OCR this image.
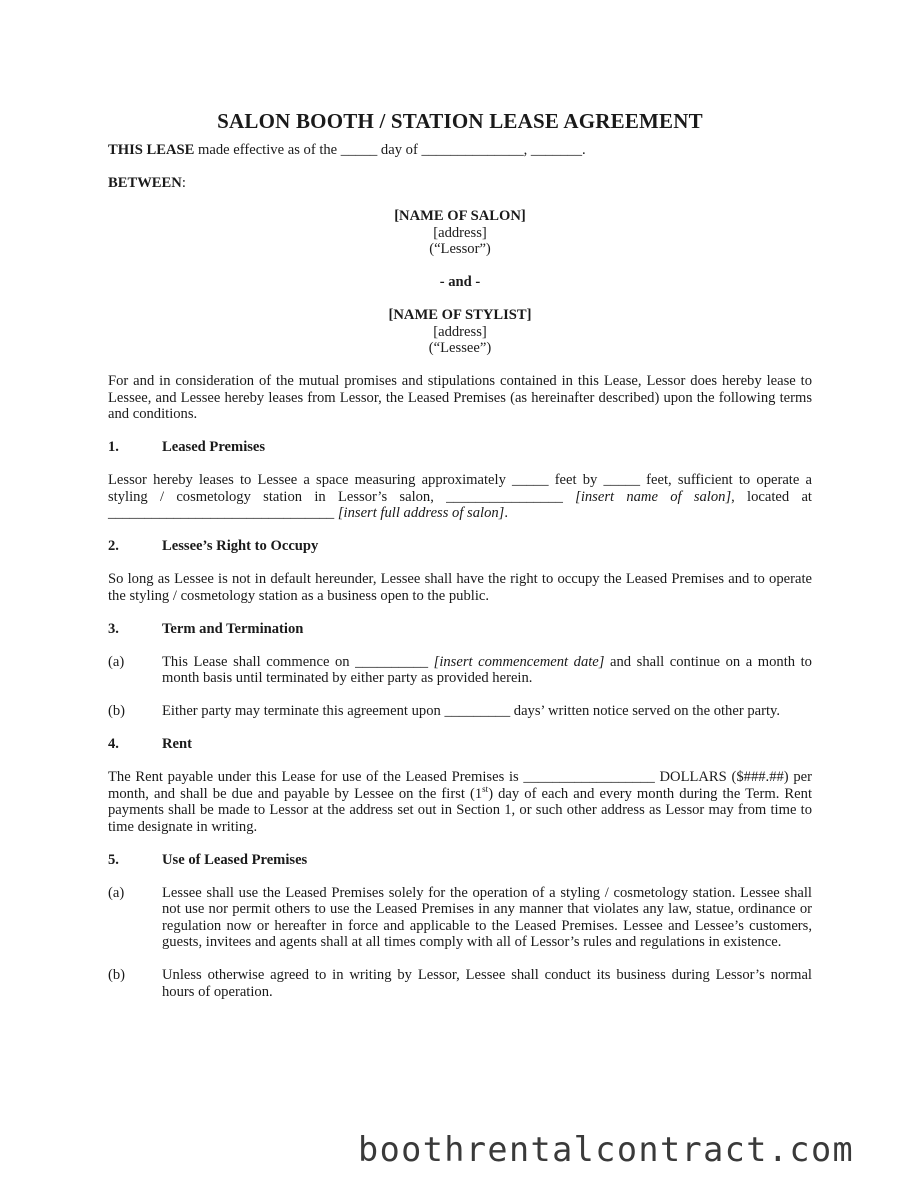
SALON BOOTH / STATION LEASE AGREEMENT

THIS LEASE made effective as of the _____ day of ______________, _______.

BETWEEN:

[NAME OF SALON]
[address]
(“Lessor”)
- and -
[NAME OF STYLIST]
[address]
(“Lessee”)

For and in consideration of the mutual promises and stipulations contained in this Lease, Lessor does hereby lease to Lessee, and Lessee hereby leases from Lessor, the Leased Premises (as hereinafter described) upon the following terms and conditions.

1.	Leased Premises

Lessor hereby leases to Lessee a space measuring approximately _____ feet by _____ feet, sufficient to operate a styling / cosmetology station in Lessor’s salon, ________________ [insert name of salon], located at _______________________________ [insert full address of salon].

2.	Lessee’s Right to Occupy

So long as Lessee is not in default hereunder, Lessee shall have the right to occupy the Leased Premises and to operate the styling / cosmetology station as a business open to the public.

3.	Term and Termination
(a)	This Lease shall commence on __________ [insert commencement date] and shall continue on a month to month basis until terminated by either party as provided herein.
(b)	Either party may terminate this agreement upon _________ days’ written notice served on the other party.
4.	Rent

The Rent payable under this Lease for use of the Leased Premises is __________________ DOLLARS ($###.##) per month, and shall be due and payable by Lessee on the first (1st) day of each and every month during the Term. Rent payments shall be made to Lessor at the address set out in Section 1, or such other address as Lessor may from time to time designate in writing.

5.	Use of Leased Premises
(a)	Lessee shall use the Leased Premises solely for the operation of a styling / cosmetology station. Lessee shall not use nor permit others to use the Leased Premises in any manner that violates any law, statue, ordinance or regulation now or hereafter in force and applicable to the Leased Premises. Lessee and Lessee’s customers, guests, invitees and agents shall at all times comply with all of Lessor’s rules and regulations in existence.
(b)	Unless otherwise agreed to in writing by Lessor, Lessee shall conduct its business during Lessor’s normal hours of operation.
boothrentalcontract.com
